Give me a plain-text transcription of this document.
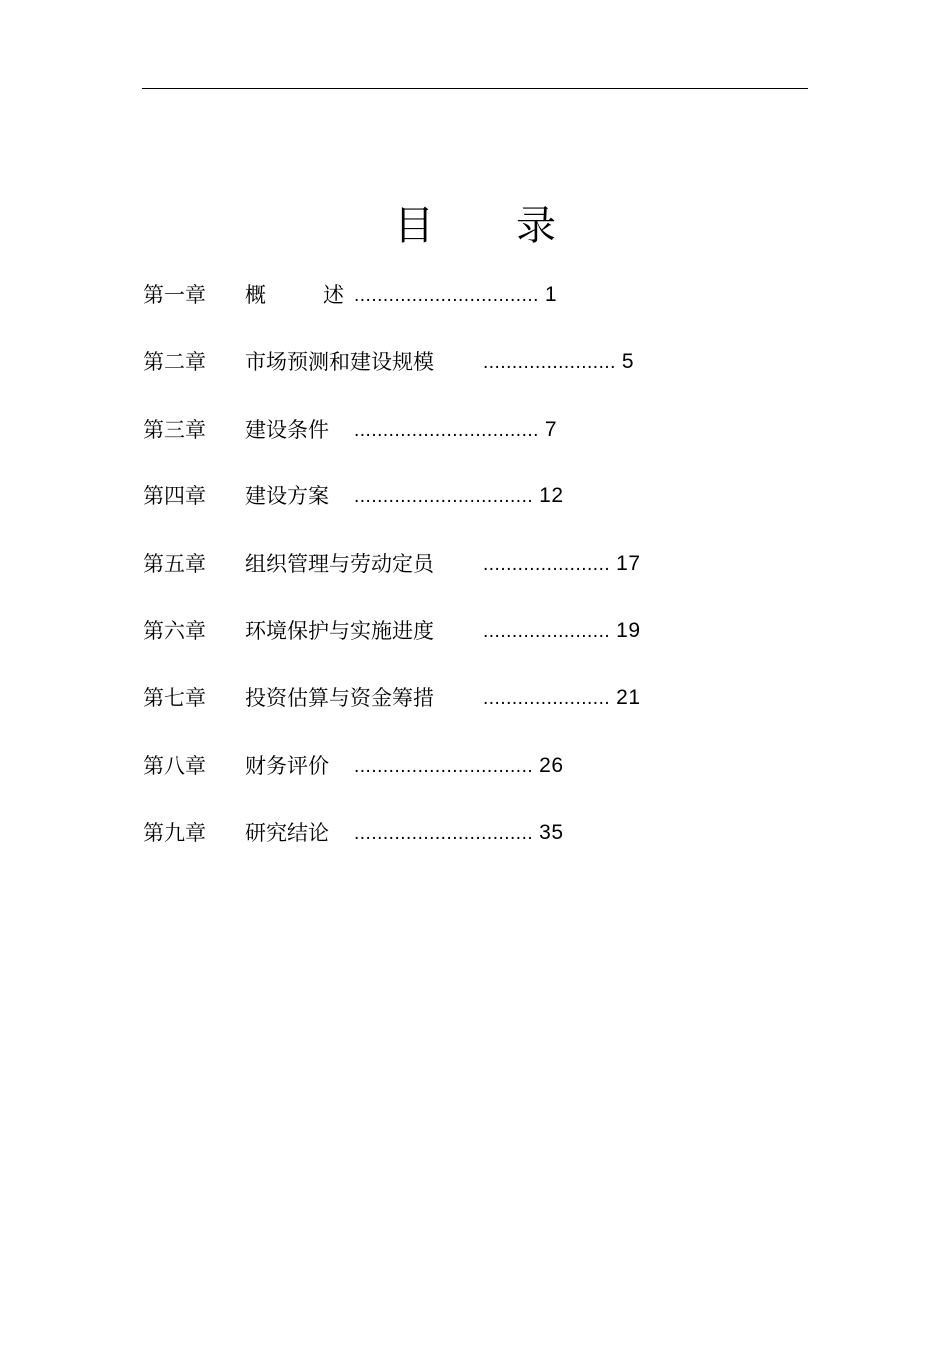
目 录
第一章 概	述 ................................ 1
第二章 市场预测和建设规模	....................... 5
第三章 建设条件 ................................ 7
第四章 建设方案 ............................... 12
第五章 组织管理与劳动定员	...................... 17
第六章 环境保护与实施进度	...................... 19
第七章 投资估算与资金筹措	...................... 21
第八章 财务评价 ............................... 26
第九章 研究结论 ............................... 35
